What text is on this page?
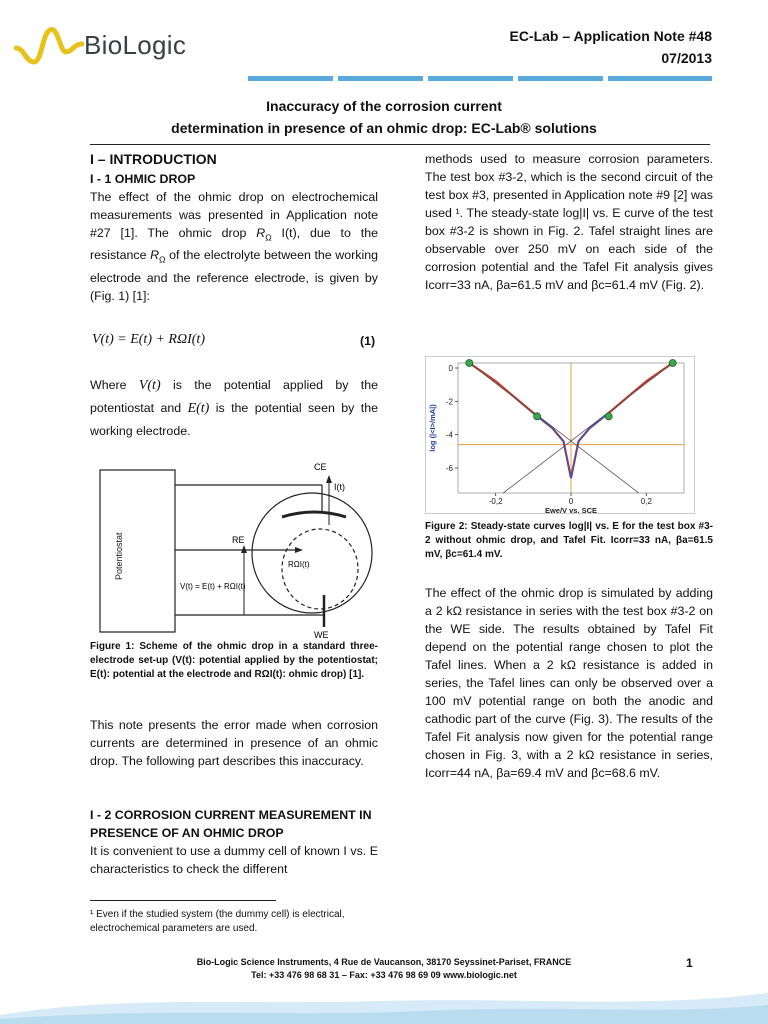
BioLogic	EC-Lab – Application Note #48
07/2013
Inaccuracy of the corrosion current
determination in presence of an ohmic drop: EC-Lab® solutions
I – INTRODUCTION
I - 1 OHMIC DROP
The effect of the ohmic drop on electrochemical measurements was presented in Application note #27 [1]. The ohmic drop $R_\Omega$ I(t), due to the resistance $R_\Omega$ of the electrolyte between the working electrode and the reference electrode, is given by (Fig. 1) [1]:
V(t) = E(t) + RΩI(t)	(1)
Where V(t) is the potential applied by the potentiostat and E(t) is the potential seen by the working electrode.
Potentiostat
CE
I(t)
RE
RΩI(t)
WE
V(t) = E(t) + RΩI(t)
Figure 1: Scheme of the ohmic drop in a standard three-electrode set-up (V(t): potential applied by the potentiostat; E(t): potential at the electrode and RΩI(t): ohmic drop) [1].
This note presents the error made when corrosion currents are determined in presence of an ohmic drop. The following part describes this inaccuracy.
I - 2 CORROSION CURRENT MEASUREMENT IN PRESENCE OF AN OHMIC DROP
It is convenient to use a dummy cell of known I vs. E characteristics to check the different
¹ Even if the studied system (the dummy cell) is electrical, electrochemical parameters are used.
methods used to measure corrosion parameters. The test box #3-2, which is the second circuit of the test box #3, presented in Application note #9 [2] was used ¹. The steady-state log|I| vs. E curve of the test box #3-2 is shown in Fig. 2. Tafel straight lines are observable over 250 mV on each side of the corrosion potential and the Tafel Fit analysis gives Icorr=33 nA, βa=61.5 mV and βc=61.4 mV (Fig. 2).
0
-2
-4
-6
-0,2	0	0,2
Ewe/V vs. SCE
log (|<I>/mA|)
Figure 2: Steady-state curves log|I| vs. E for the test box #3-2 without ohmic drop, and Tafel Fit. Icorr=33 nA, βa=61.5 mV, βc=61.4 mV.
The effect of the ohmic drop is simulated by adding a 2 kΩ resistance in series with the test box #3-2 on the WE side. The results obtained by Tafel Fit depend on the potential range chosen to plot the Tafel lines. When a 2 kΩ resistance is added in series, the Tafel lines can only be observed over a 100 mV potential range on both the anodic and cathodic part of the curve (Fig. 3). The results of the Tafel Fit analysis now given for the potential range chosen in Fig. 3, with a 2 kΩ resistance in series, Icorr=44 nA, βa=69.4 mV and βc=68.6 mV.
Bio-Logic Science Instruments, 4 Rue de Vaucanson, 38170 Seyssinet-Pariset, FRANCE
Tel: +33 476 98 68 31 – Fax: +33 476 98 69 09 www.biologic.net
1
